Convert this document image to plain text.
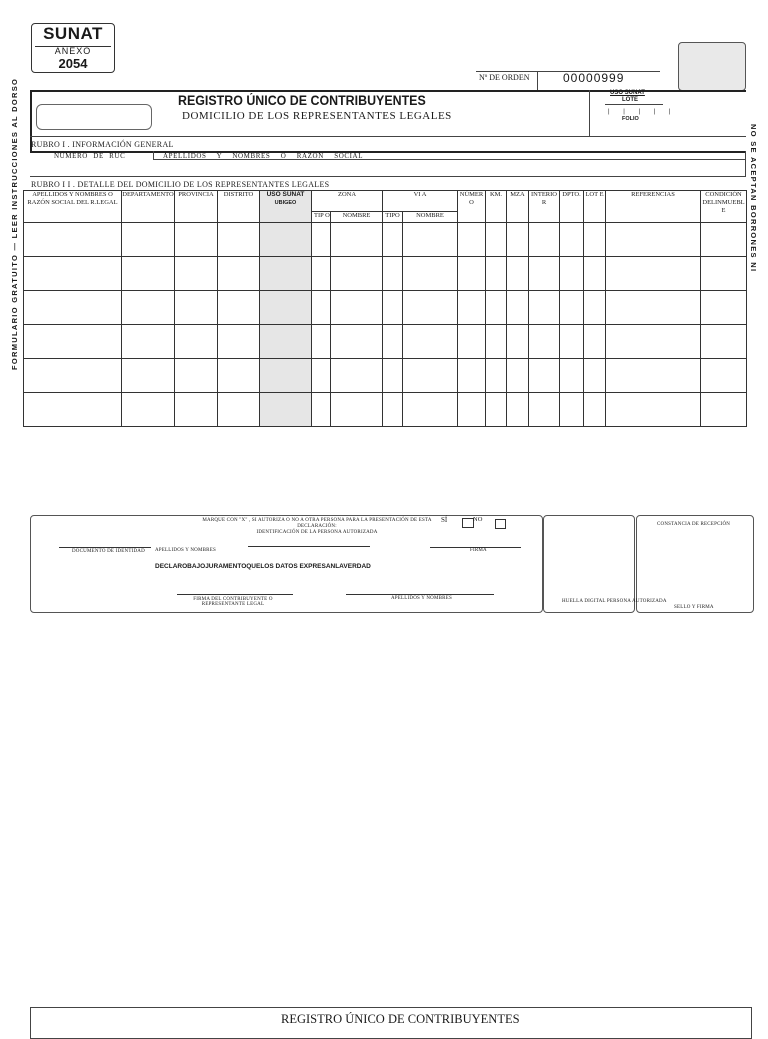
SUNAT
ANEXO
2054
Nº DE ORDEN	00000999
REGISTRO ÚNICO DE CONTRIBUYENTES
DOMICILIO DE LOS REPRESENTANTES LEGALES
USO SUNAT
LOTE
| | | | |
FOLIO
RUBRO I . INFORMACIÓN GENERAL
NÚMERO DE RUC	APELLIDOS Y NOMBRES O RAZON SOCIAL
RUBRO I I . DETALLE DEL DOMICILIO DE LOS REPRESENTANTES LEGALES
APELLIDOS Y NOMBRES O RAZÓN SOCIAL DEL R.LEGAL	DEPARTAMENTO	PROVINCIA	DISTRITO	USO SUNAT
UBIGEO	ZONA		VI A		NÚMER O	KM.	MZA	INTERIO R	DPTO.	LOT E	REFERENCIAS	CONDICIÓN DELINMUEBL E
					TIP O	NOMBRE	TIPO	NOMBRE								

FORMULARIO GRATUITO — LEER INSTRUCCIONES AL DORSO	NO SE ACEPTAN BORRONES NI
MARQUE CON "X" , SI AUTORIZA O NO A OTRA PERSONA PARA LA PRESENTACIÓN DE ESTA DECLARACIÓN:
IDENTIFICACIÓN DE LA PERSONA AUTORIZADA
SÍ	NO
DOCUMENTO DE IDENTIDAD APELLIDOS Y NOMBRES	FIRMA
DECLAROBAJOJURAMENTOQUELOS DATOS EXPRESANLAVERDAD
FIRMA DEL CONTRIBUYENTE O REPRESENTANTE LEGAL
APELLIDOS Y NOMBRES
HUELLA DIGITAL PERSONA AUTORIZADA
CONSTANCIA DE RECEPCIÓN
SELLO Y FIRMA
REGISTRO ÚNICO DE CONTRIBUYENTES
